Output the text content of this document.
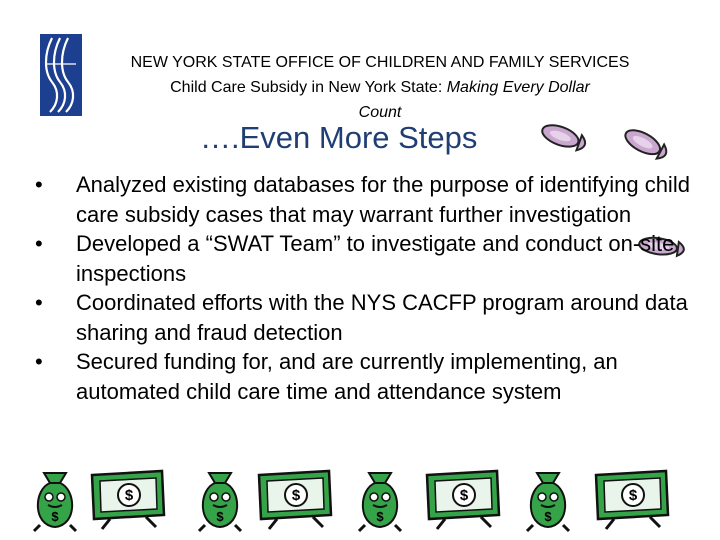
NEW YORK STATE OFFICE OF CHILDREN AND FAMILY SERVICES
Child Care Subsidy in New York State: Making Every Dollar
Count
….Even More Steps
• Analyzed existing databases for the purpose of identifying child care subsidy cases that may warrant further investigation
• Developed a “SWAT Team” to investigate and conduct on-site inspections
• Coordinated efforts with the NYS CACFP program around data sharing and fraud detection
• Secured funding for, and are currently implementing, an automated child care time and attendance system
$
$
$
$
$
$
$
$
